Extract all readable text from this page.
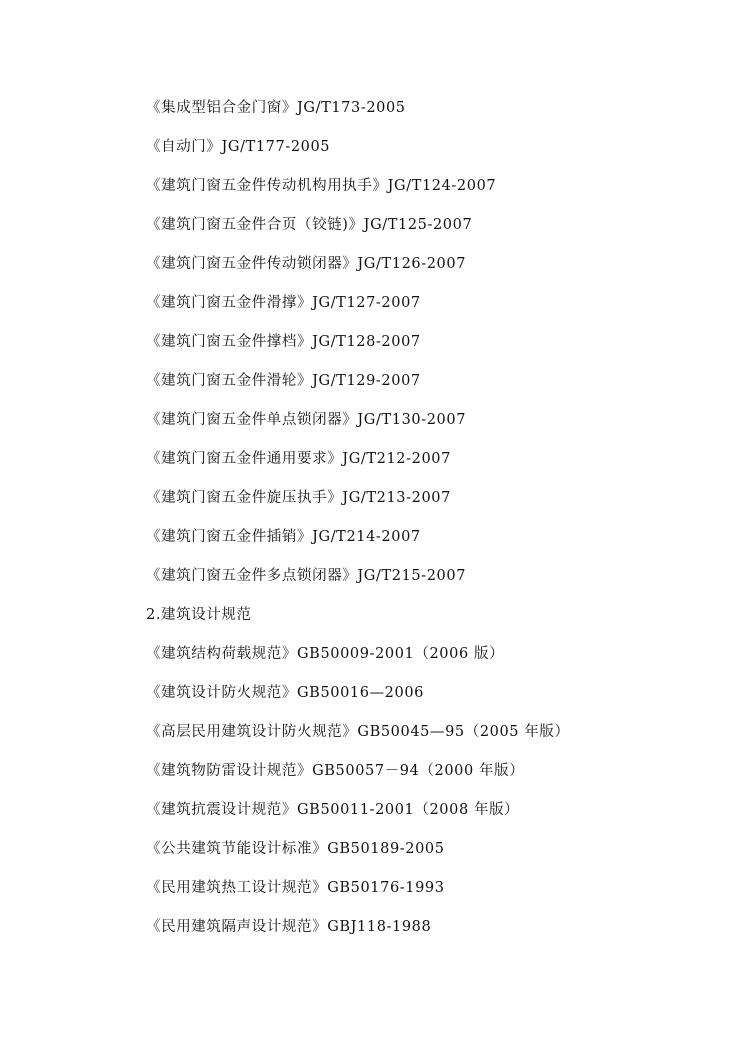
《集成型铝合金门窗》JG/T173-2005
《自动门》JG/T177-2005
《建筑门窗五金件传动机构用执手》JG/T124-2007
《建筑门窗五金件合页（铰链)》JG/T125-2007
《建筑门窗五金件传动锁闭器》JG/T126-2007
《建筑门窗五金件滑撑》JG/T127-2007
《建筑门窗五金件撑档》JG/T128-2007
《建筑门窗五金件滑轮》JG/T129-2007
《建筑门窗五金件单点锁闭器》JG/T130-2007
《建筑门窗五金件通用要求》JG/T212-2007
《建筑门窗五金件旋压执手》JG/T213-2007
《建筑门窗五金件插销》JG/T214-2007
《建筑门窗五金件多点锁闭器》JG/T215-2007
2.建筑设计规范
《建筑结构荷载规范》GB50009-2001（2006 版）
《建筑设计防火规范》GB50016—2006
《高层民用建筑设计防火规范》GB50045—95（2005 年版）
《建筑物防雷设计规范》GB50057－94（2000 年版）
《建筑抗震设计规范》GB50011-2001（2008 年版）
《公共建筑节能设计标准》GB50189-2005
《民用建筑热工设计规范》GB50176-1993
《民用建筑隔声设计规范》GBJ118-1988
